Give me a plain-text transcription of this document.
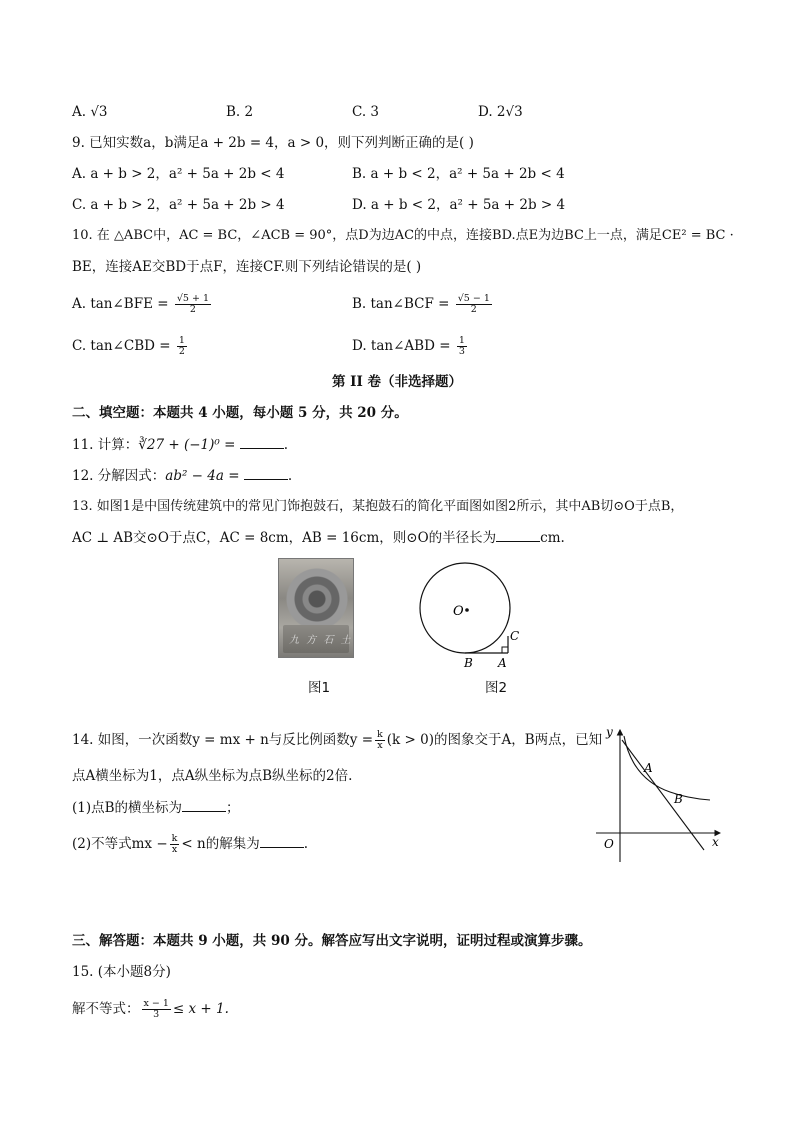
A. √3	B. 2	C. 3	D. 2√3
9. 已知实数a，b满足a + 2b = 4，a > 0，则下列判断正确的是( )
A. a + b > 2，a² + 5a + 2b < 4	B. a + b < 2，a² + 5a + 2b < 4
C. a + b > 2，a² + 5a + 2b > 4	D. a + b < 2，a² + 5a + 2b > 4
10. 在 △ABC中，AC = BC，∠ACB = 90°，点D为边AC的中点，连接BD.点E为边BC上一点，满足CE² = BC ·
BE，连接AE交BD于点F，连接CF.则下列结论错误的是( )
A. tan∠BFE = $\frac{√5 + 1}{2}$	B. tan∠BCF = $\frac{√5 - 1}{2}$
C. tan∠CBD = $\frac{1}{2}$	D. tan∠ABD = $\frac{1}{3}$
第 II 卷（非选择题）
二、填空题：本题共 4 小题，每小题 5 分，共 20 分。
11. 计算：∛27 + (−1)⁰ =	.
12. 分解因式：ab² − 4a =	.
13. 如图1是中国传统建筑中的常见门饰抱鼓石，某抱鼓石的简化平面图如图2所示，其中AB切⊙O于点B，
AC ⊥ AB交⊙O于点C，AC = 8cm，AB = 16cm，则⊙O的半径长为	cm.
九 方 石 土
图1
O
C
B A
图2
14. 如图，一次函数y = mx + n与反比例函数$y = \frac{k}{x} (k > 0)$的图象交于A，B两点，已知
点A横坐标为1，点A纵坐标为点B纵坐标的2倍.
(1)点B的横坐标为	；
(2)不等式mx − $\frac{k}{x} < n$的解集为	.
y
x
O
A
B
三、解答题：本题共 9 小题，共 90 分。解答应写出文字说明，证明过程或演算步骤。
15. (本小题8分)
解不等式： $\frac{x - 1}{3} \le x + 1$.
